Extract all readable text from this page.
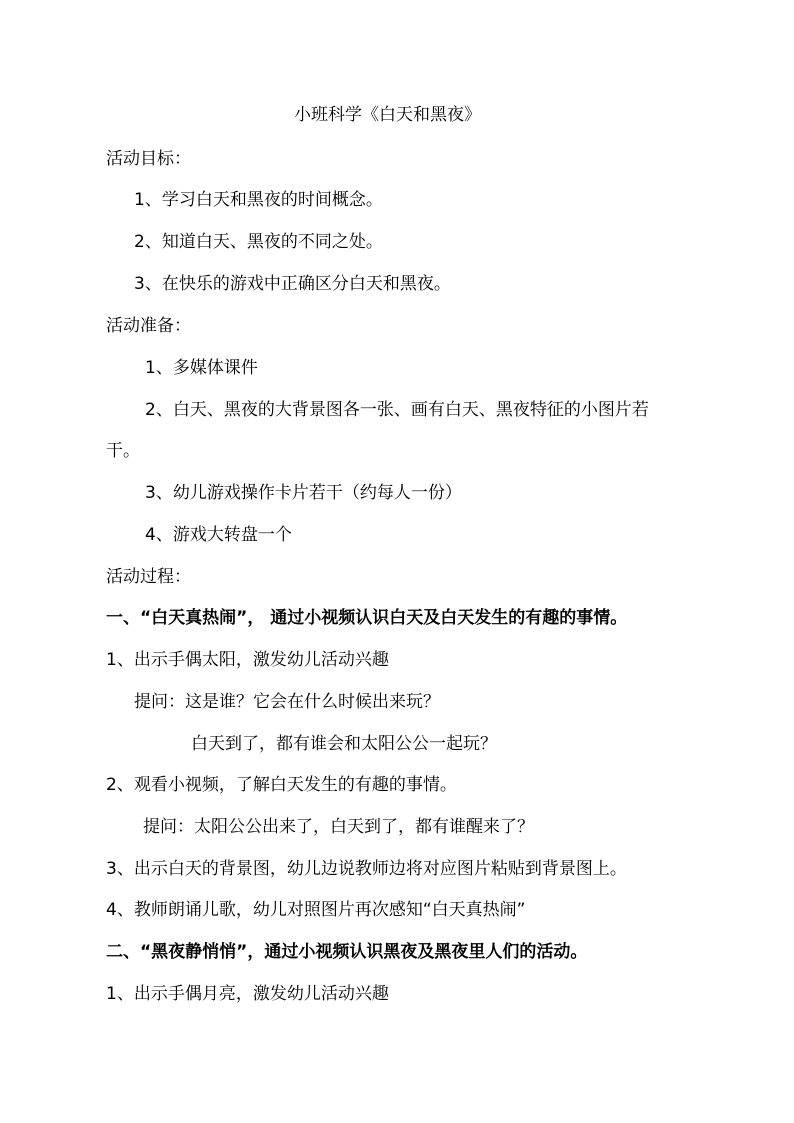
小班科学《白天和黑夜》
活动目标：
1、学习白天和黑夜的时间概念。
2、知道白天、黑夜的不同之处。
3、在快乐的游戏中正确区分白天和黑夜。
活动准备：
1、多媒体课件
2、白天、黑夜的大背景图各一张、画有白天、黑夜特征的小图片若
干。
3、幼儿游戏操作卡片若干（约每人一份）
4、游戏大转盘一个
活动过程：
一、“白天真热闹”， 通过小视频认识白天及白天发生的有趣的事情。
1、出示手偶太阳，激发幼儿活动兴趣
提问：这是谁？它会在什么时候出来玩？
白天到了，都有谁会和太阳公公一起玩？
2、观看小视频，了解白天发生的有趣的事情。
提问：太阳公公出来了，白天到了，都有谁醒来了？
3、出示白天的背景图，幼儿边说教师边将对应图片粘贴到背景图上。
4、教师朗诵儿歌，幼儿对照图片再次感知“白天真热闹”
二、“黑夜静悄悄”，通过小视频认识黑夜及黑夜里人们的活动。
1、出示手偶月亮，激发幼儿活动兴趣
